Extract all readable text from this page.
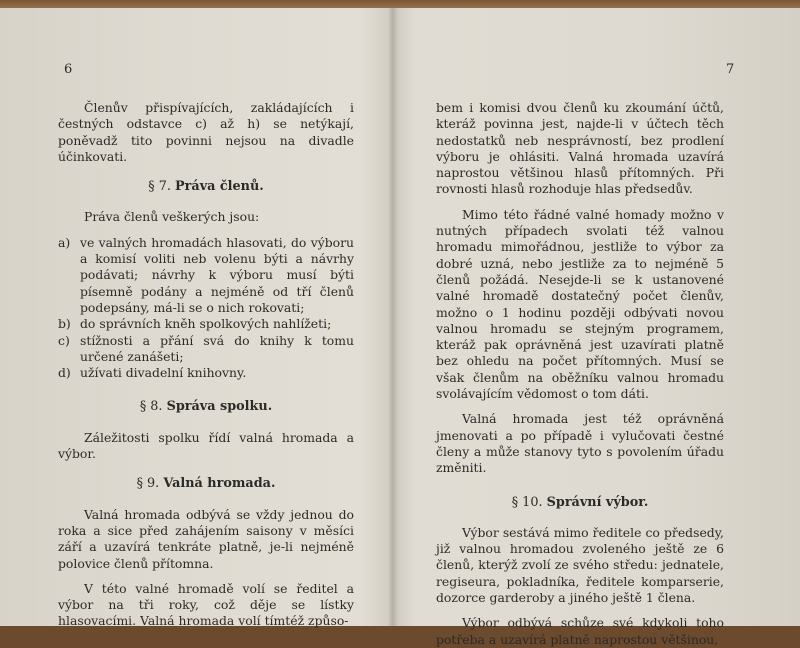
6

Členův přispívajících, zakládajících i čestných odstavce c) až h) se netýkají, poněvadž tito povinni nejsou na divadle účinkovati.

§ 7. Práva členů.

Práva členů veškerých jsou:

a) ve valných hromadách hlasovati, do výboru a komisí voliti neb volenu býti a návrhy podávati; návrhy k výboru musí býti písemně podány a nejméně od tří členů podepsány, má-li se o nich rokovati;
b) do správních kněh spolkových nahlížeti;
c) stížnosti a přání svá do knihy k tomu určené zanášeti;
d) užívati divadelní knihovny.
§ 8. Správa spolku.

Záležitosti spolku řídí valná hromada a výbor.

§ 9. Valná hromada.

Valná hromada odbývá se vždy jednou do roka a sice před zahájením saisony v měsíci září a uzavírá tenkráte platně, je-li nejméně polovice členů přítomna.

V této valné hromadě volí se ředitel a výbor na tři roky, což děje se lístky hlasovacími. Valná hromada volí tímtéž způso-

7

bem i komisi dvou členů ku zkoumání účtů, kteráž povinna jest, najde-li v účtech těch nedostatků neb nesprávností, bez prodlení výboru je ohlásiti. Valná hromada uzavírá naprostou většinou hlasů přítomných. Při rovnosti hlasů rozhoduje hlas předsedův.

Mimo této řádné valné homady možno v nutných případech svolati též valnou hromadu mimořádnou, jestliže to výbor za dobré uzná, nebo jestliže za to nejméně 5 členů požádá. Nesejde-li se k ustanovené valné hromadě dostatečný počet členův, možno o 1 hodinu později odbývati novou valnou hromadu se stejným programem, kteráž pak oprávněná jest uzavírati platně bez ohledu na počet přítomných. Musí se však členům na oběžníku valnou hromadu svolávajícím vědomost o tom dáti.

Valná hromada jest též oprávněná jmenovati a po případě i vylučovati čestné členy a může stanovy tyto s povolením úřadu změniti.

§ 10. Správní výbor.

Výbor sestává mimo ředitele co předsedy, již valnou hromadou zvoleného ještě ze 6 členů, kterýž zvolí ze svého středu: jednatele, regiseura, pokladníka, ředitele komparserie, dozorce garderoby a jiného ještě 1 člena.

Výbor odbývá schůze své kdykoli toho potřeba a uzavírá platně naprostou většinou,
